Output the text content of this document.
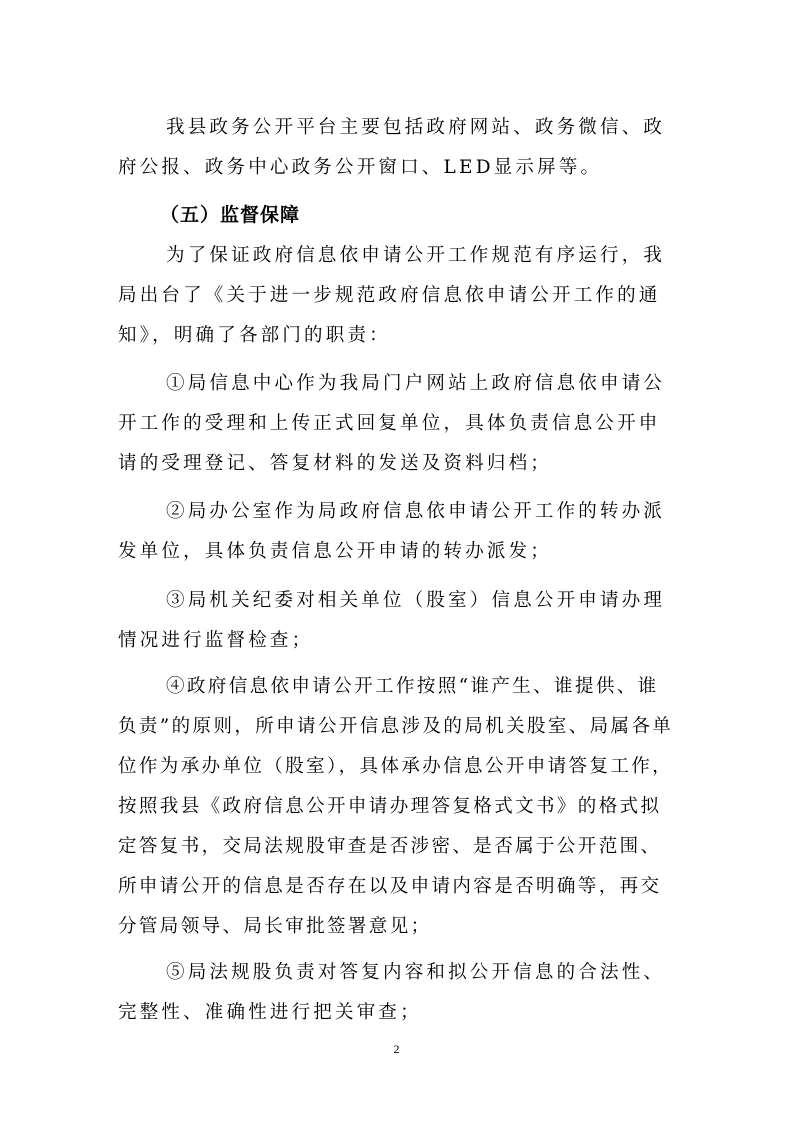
我县政务公开平台主要包括政府网站、政务微信、政府公报、政务中心政务公开窗口、LED显示屏等。

（五）监督保障

为了保证政府信息依申请公开工作规范有序运行，我局出台了《关于进一步规范政府信息依申请公开工作的通知》，明确了各部门的职责：

①局信息中心作为我局门户网站上政府信息依申请公开工作的受理和上传正式回复单位，具体负责信息公开申请的受理登记、答复材料的发送及资料归档；

②局办公室作为局政府信息依申请公开工作的转办派发单位，具体负责信息公开申请的转办派发；

③局机关纪委对相关单位（股室）信息公开申请办理情况进行监督检查；

④政府信息依申请公开工作按照“谁产生、谁提供、谁负责”的原则，所申请公开信息涉及的局机关股室、局属各单位作为承办单位（股室），具体承办信息公开申请答复工作，按照我县《政府信息公开申请办理答复格式文书》的格式拟定答复书，交局法规股审查是否涉密、是否属于公开范围、所申请公开的信息是否存在以及申请内容是否明确等，再交分管局领导、局长审批签署意见；

⑤局法规股负责对答复内容和拟公开信息的合法性、完整性、准确性进行把关审查；

2
